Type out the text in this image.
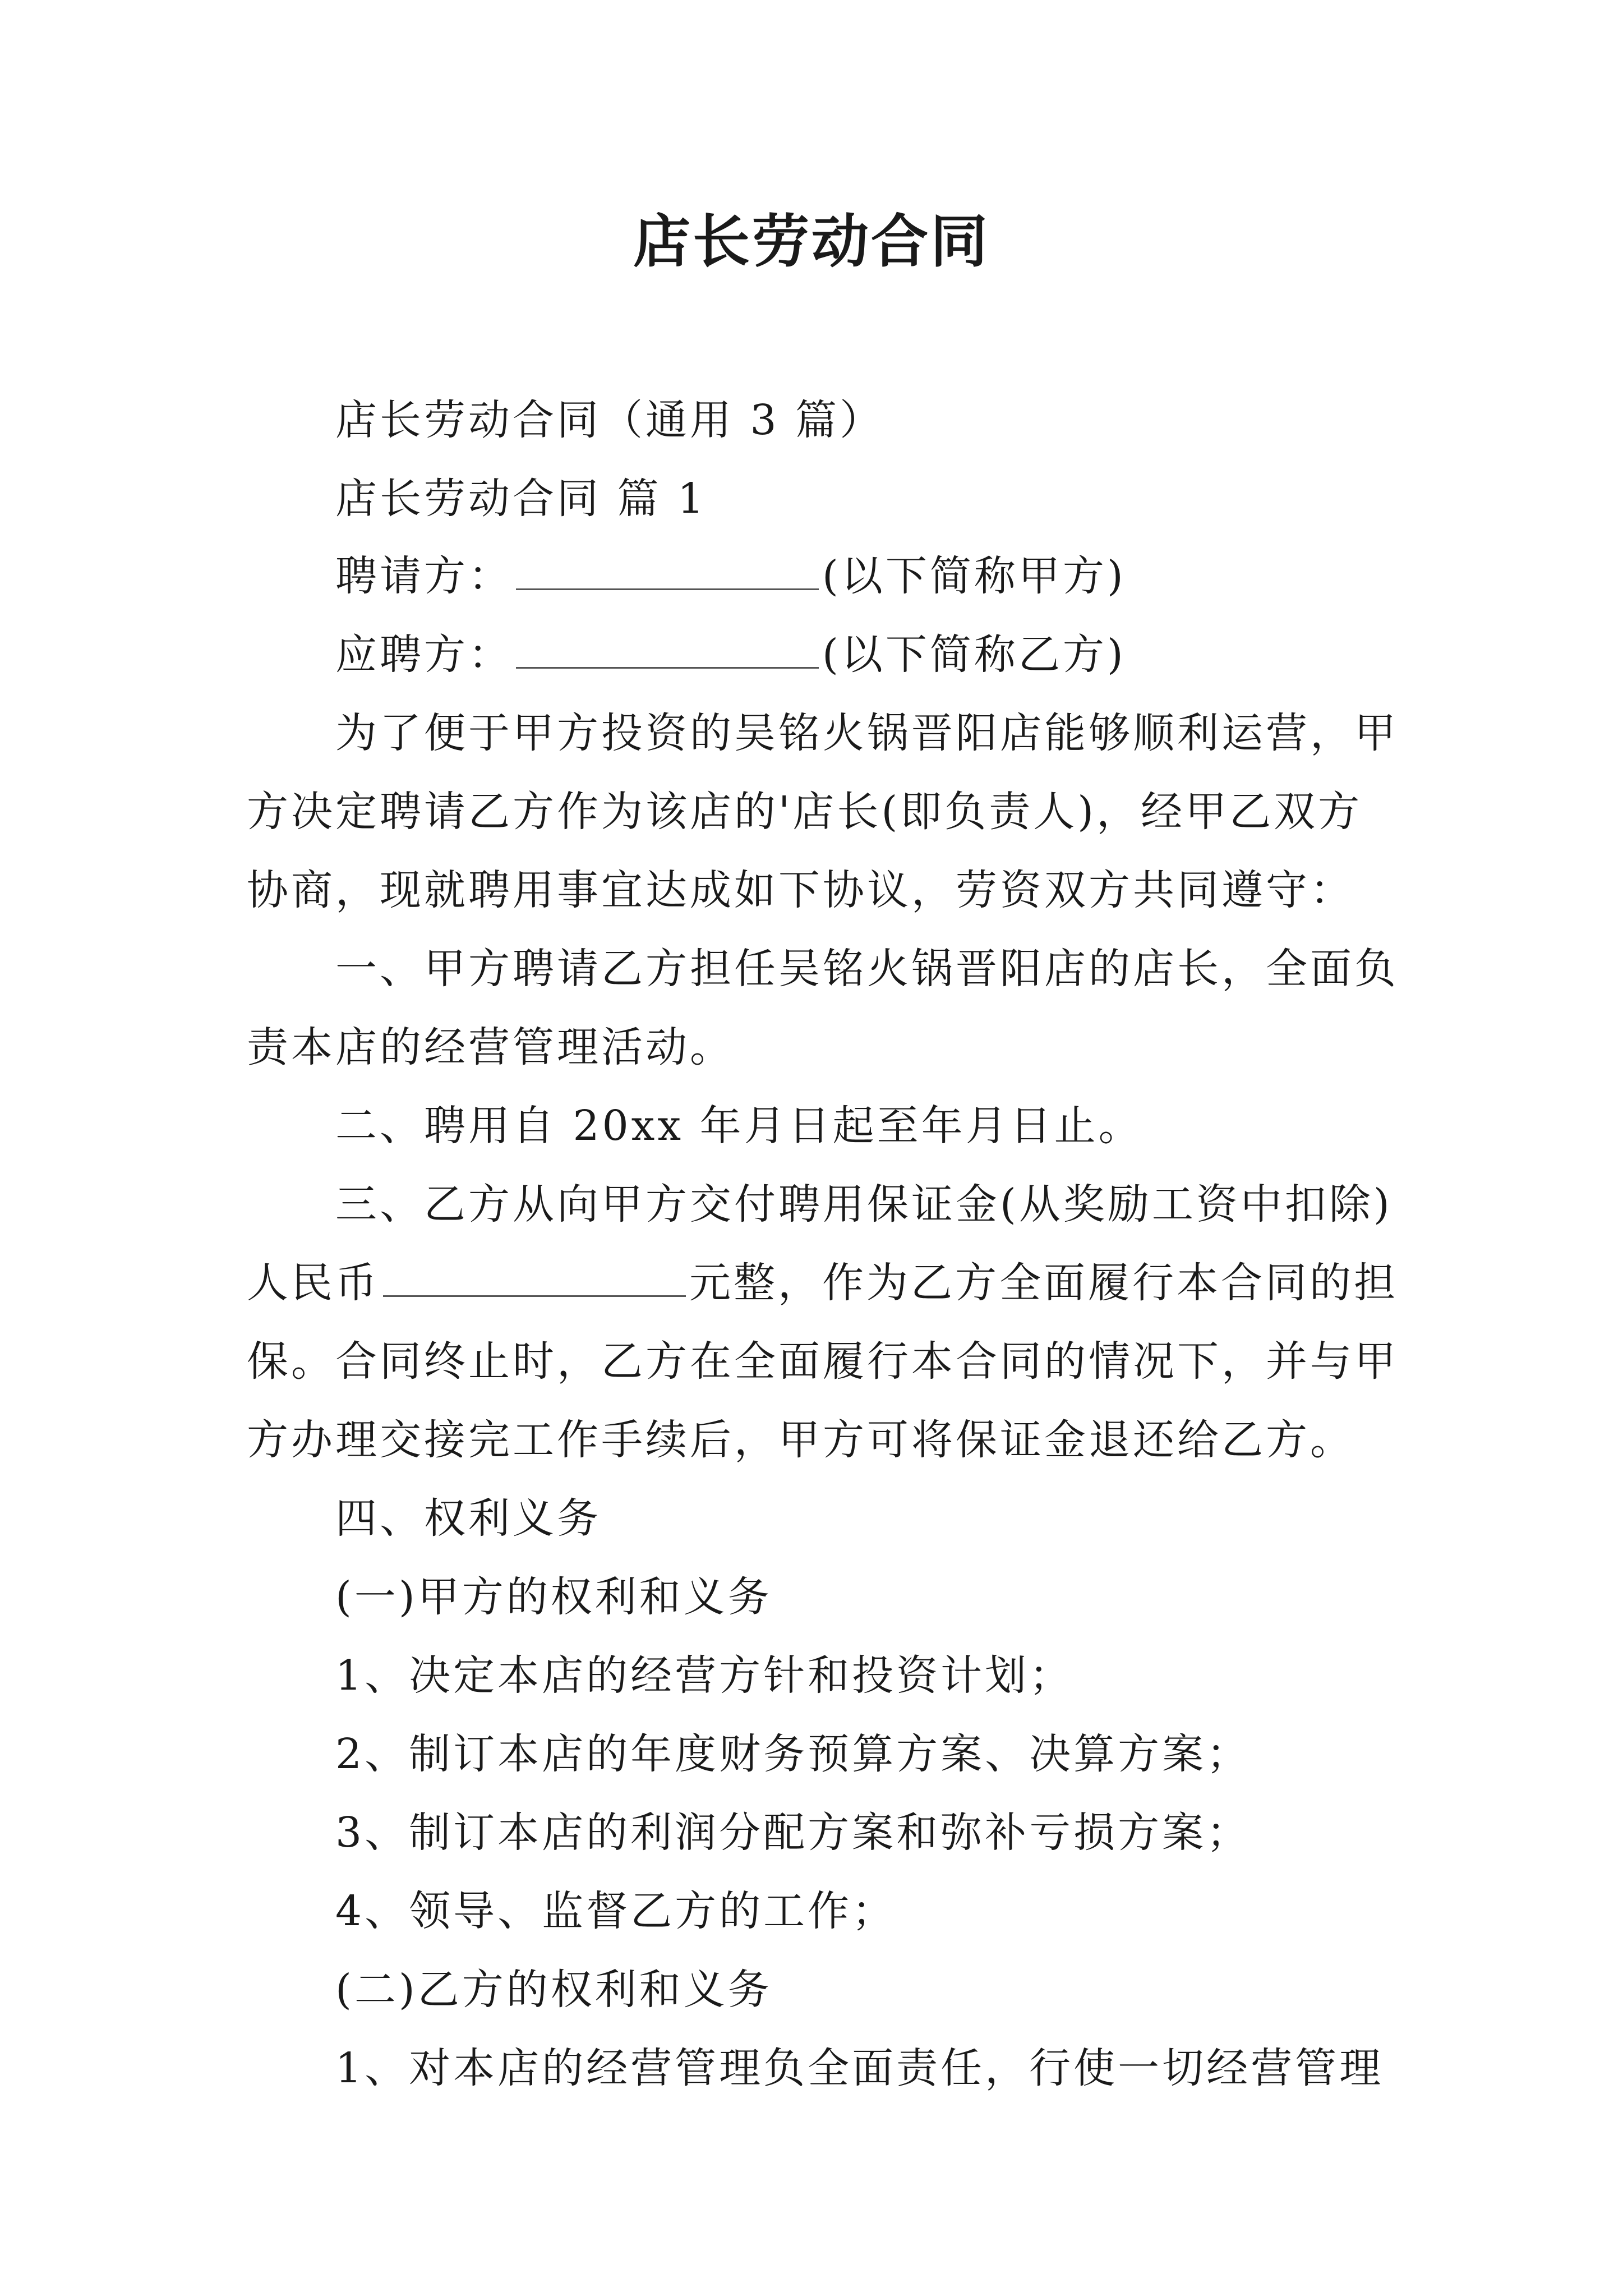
店长劳动合同
店长劳动合同（通用 3 篇）
店长劳动合同 篇 1
聘请方：	(以下简称甲方)
应聘方：	(以下简称乙方)
为了便于甲方投资的吴铭火锅晋阳店能够顺利运营，甲
方决定聘请乙方作为该店的'店长(即负责人)，经甲乙双方
协商，现就聘用事宜达成如下协议，劳资双方共同遵守：
一、甲方聘请乙方担任吴铭火锅晋阳店的店长，全面负
责本店的经营管理活动。
二、聘用自 20xx 年月日起至年月日止。
三、乙方从向甲方交付聘用保证金(从奖励工资中扣除)
人民币	元整，作为乙方全面履行本合同的担
保。合同终止时，乙方在全面履行本合同的情况下，并与甲
方办理交接完工作手续后，甲方可将保证金退还给乙方。
四、权利义务
(一)甲方的权利和义务
1、决定本店的经营方针和投资计划；
2、制订本店的年度财务预算方案、决算方案；
3、制订本店的利润分配方案和弥补亏损方案；
4、领导、监督乙方的工作；
(二)乙方的权利和义务
1、对本店的经营管理负全面责任，行使一切经营管理
